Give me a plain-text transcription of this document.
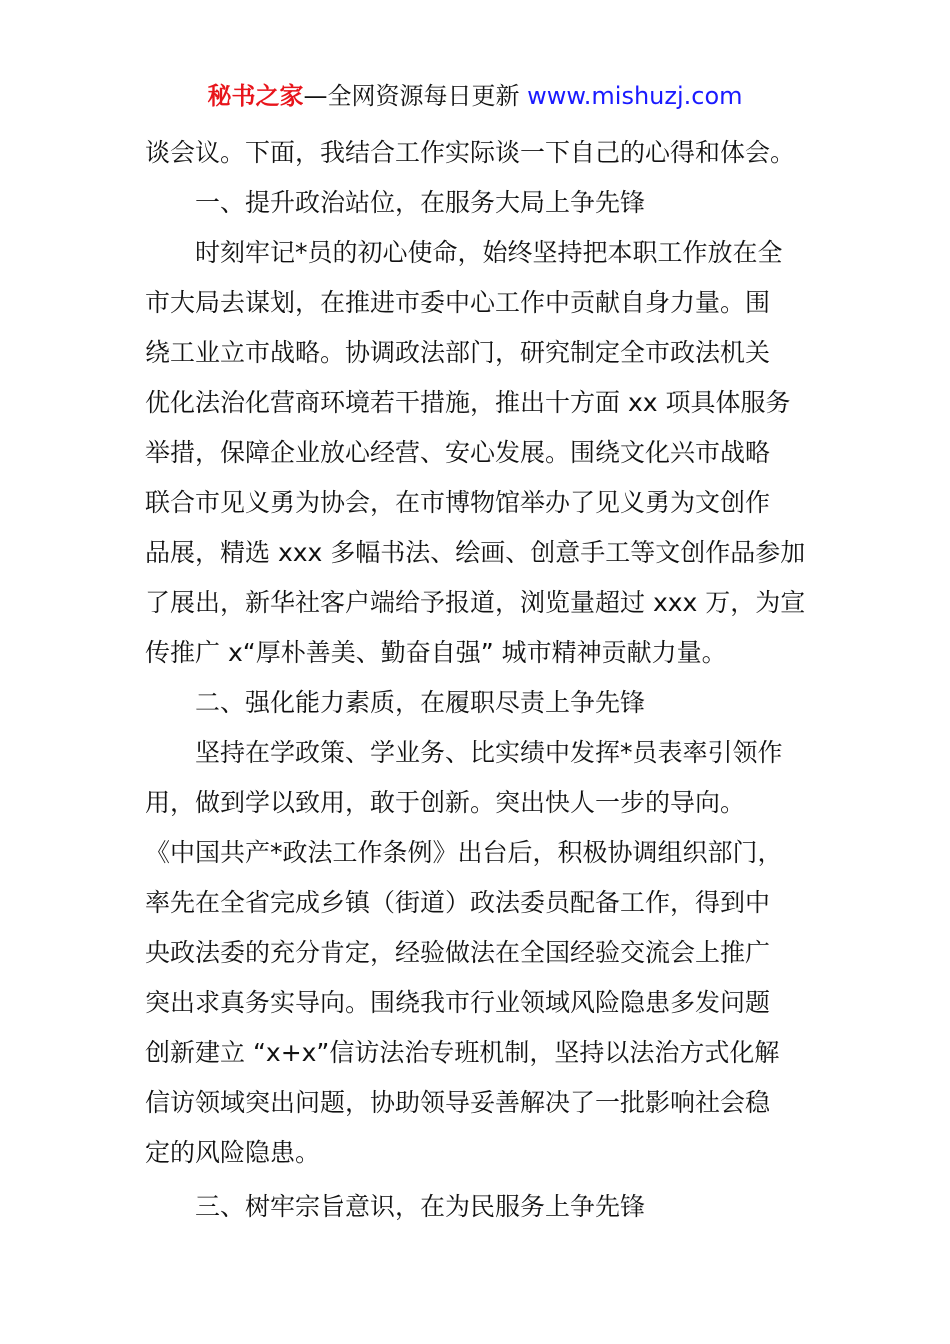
秘书之家—全网资源每日更新 www.mishuzj.com
谈会议。下面，我结合工作实际谈一下自己的心得和体会。
一、提升政治站位，在服务大局上争先锋
时刻牢记*员的初心使命，始终坚持把本职工作放在全
市大局去谋划，在推进市委中心工作中贡献自身力量。围
绕工业立市战略。协调政法部门，研究制定全市政法机关
优化法治化营商环境若干措施，推出十方面 xx 项具体服务
举措，保障企业放心经营、安心发展。围绕文化兴市战略
联合市见义勇为协会，在市博物馆举办了见义勇为文创作
品展，精选 xxx 多幅书法、绘画、创意手工等文创作品参加
了展出，新华社客户端给予报道，浏览量超过 xxx 万，为宣
传推广 x“厚朴善美、勤奋自强” 城市精神贡献力量。
二、强化能力素质，在履职尽责上争先锋
坚持在学政策、学业务、比实绩中发挥*员表率引领作
用，做到学以致用，敢于创新。突出快人一步的导向。
《中国共产*政法工作条例》出台后，积极协调组织部门，
率先在全省完成乡镇（街道）政法委员配备工作，得到中
央政法委的充分肯定，经验做法在全国经验交流会上推广
突出求真务实导向。围绕我市行业领域风险隐患多发问题
创新建立 “x+x”信访法治专班机制，坚持以法治方式化解
信访领域突出问题，协助领导妥善解决了一批影响社会稳
定的风险隐患。
三、树牢宗旨意识，在为民服务上争先锋
